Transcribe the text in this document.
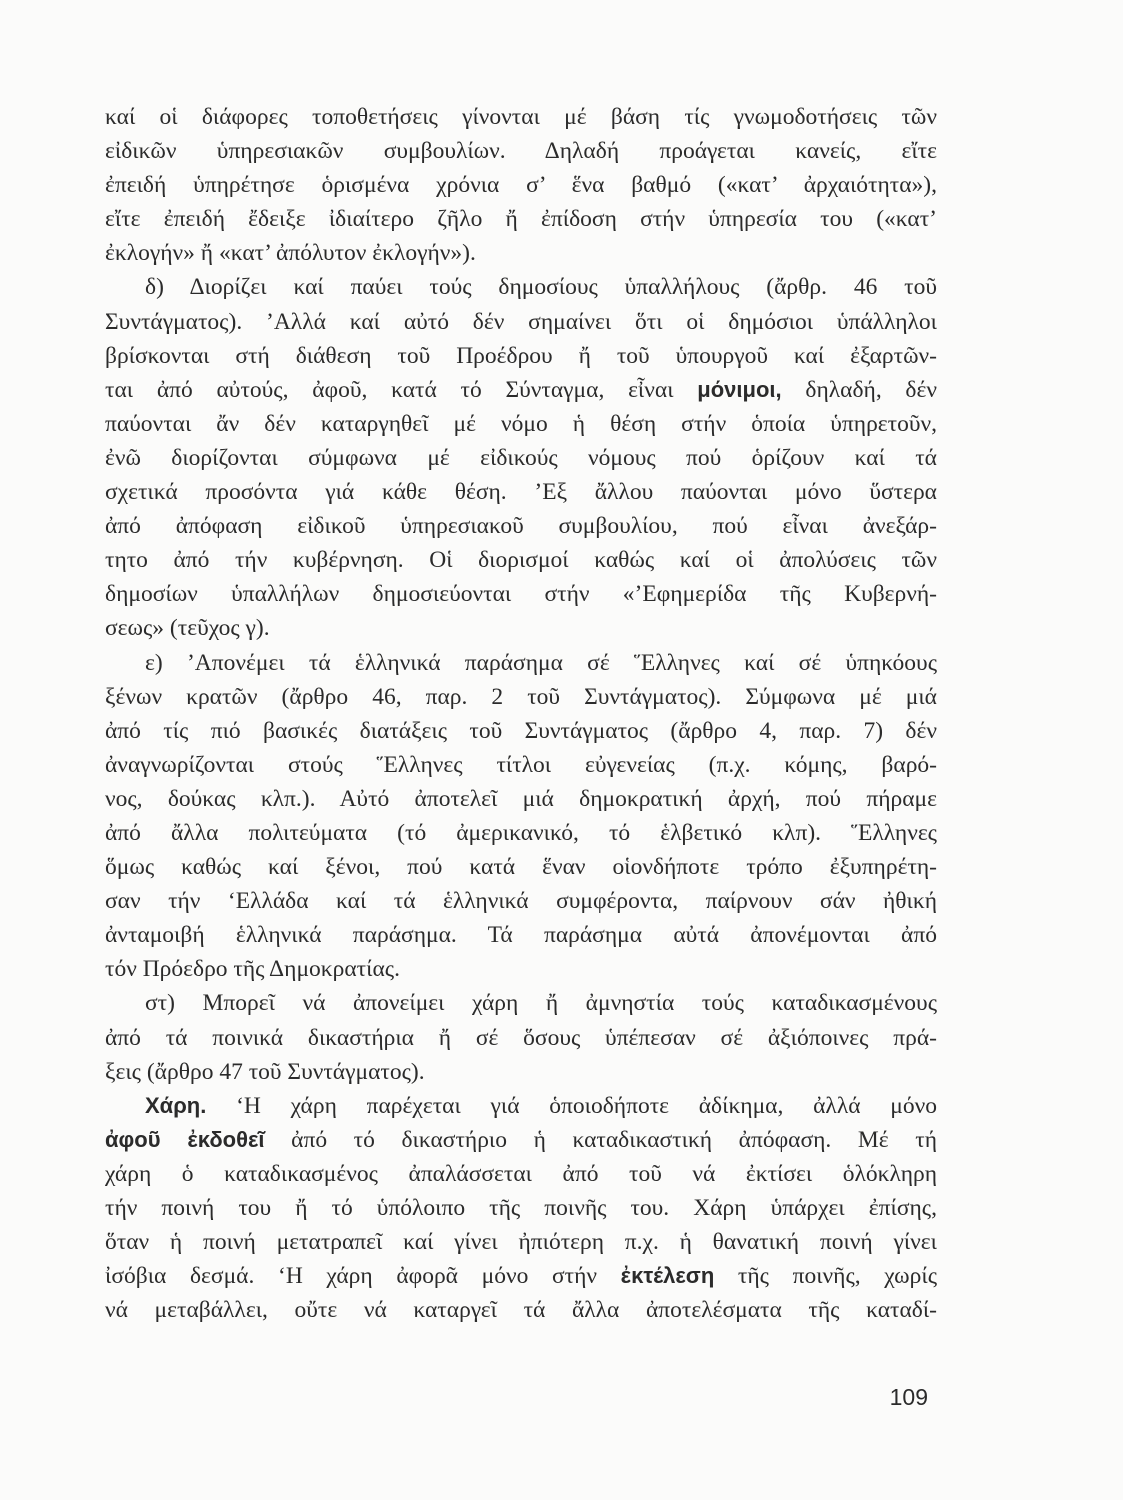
καί οἱ διάφορες τοποθετήσεις γίνονται μέ βάση τίς γνωμοδοτήσεις τῶν
εἰδικῶν ὑπηρεσιακῶν συμβουλίων. Δηλαδή προάγεται κανείς, εἴτε
ἐπειδή ὑπηρέτησε ὁρισμένα χρόνια σ’ ἕνα βαθμό («κατ’ ἀρχαιότητα»),
εἴτε ἐπειδή ἔδειξε ἰδιαίτερο ζῆλο ἤ ἐπίδοση στήν ὑπηρεσία του («κατ’
ἐκλογήν» ἤ «κατ’ ἀπόλυτον ἐκλογήν»).
δ) Διορίζει καί παύει τούς δημοσίους ὑπαλλήλους (ἄρθρ. 46 τοῦ
Συντάγματος). ’Αλλά καί αὐτό δέν σημαίνει ὅτι οἱ δημόσιοι ὑπάλληλοι
βρίσκονται στή διάθεση τοῦ Προέδρου ἤ τοῦ ὑπουργοῦ καί ἐξαρτῶν-
ται ἀπό αὐτούς, ἀφοῦ, κατά τό Σύνταγμα, εἶναι μόνιμοι, δηλαδή, δέν
παύονται ἄν δέν καταργηθεῖ μέ νόμο ἡ θέση στήν ὁποία ὑπηρετοῦν,
ἐνῶ διορίζονται σύμφωνα μέ εἰδικούς νόμους πού ὁρίζουν καί τά
σχετικά προσόντα γιά κάθε θέση. ’Εξ ἄλλου παύονται μόνο ὕστερα
ἀπό ἀπόφαση εἰδικοῦ ὑπηρεσιακοῦ συμβουλίου, πού εἶναι ἀνεξάρ-
τητο ἀπό τήν κυβέρνηση. Οἱ διορισμοί καθώς καί οἱ ἀπολύσεις τῶν
δημοσίων ὑπαλλήλων δημοσιεύονται στήν «’Εφημερίδα τῆς Κυβερνή-
σεως» (τεῦχος γ).
ε) ’Απονέμει τά ἑλληνικά παράσημα σέ Ἕλληνες καί σέ ὑπηκόους
ξένων κρατῶν (ἄρθρο 46, παρ. 2 τοῦ Συντάγματος). Σύμφωνα μέ μιά
ἀπό τίς πιό βασικές διατάξεις τοῦ Συντάγματος (ἄρθρο 4, παρ. 7) δέν
ἀναγνωρίζονται στούς Ἕλληνες τίτλοι εὐγενείας (π.χ. κόμης, βαρό-
νος, δούκας κλπ.). Αὐτό ἀποτελεῖ μιά δημοκρατική ἀρχή, πού πήραμε
ἀπό ἄλλα πολιτεύματα (τό ἀμερικανικό, τό ἑλβετικό κλπ). Ἕλληνες
ὅμως καθώς καί ξένοι, πού κατά ἕναν οἱονδήποτε τρόπο ἐξυπηρέτη-
σαν τήν ‘Ελλάδα καί τά ἑλληνικά συμφέροντα, παίρνουν σάν ἠθική
ἀνταμοιβή ἑλληνικά παράσημα. Τά παράσημα αὐτά ἀπονέμονται ἀπό
τόν Πρόεδρο τῆς Δημοκρατίας.
στ) Μπορεῖ νά ἀπονείμει χάρη ἤ ἀμνηστία τούς καταδικασμένους
ἀπό τά ποινικά δικαστήρια ἤ σέ ὅσους ὑπέπεσαν σέ ἀξιόποινες πρά-
ξεις (ἄρθρο 47 τοῦ Συντάγματος).
Χάρη. ‘Η χάρη παρέχεται γιά ὁποιοδήποτε ἀδίκημα, ἀλλά μόνο
ἀφοῦ ἐκδοθεῖ ἀπό τό δικαστήριο ἡ καταδικαστική ἀπόφαση. Μέ τή
χάρη ὁ καταδικασμένος ἀπαλάσσεται ἀπό τοῦ νά ἐκτίσει ὁλόκληρη
τήν ποινή του ἤ τό ὑπόλοιπο τῆς ποινῆς του. Χάρη ὑπάρχει ἐπίσης,
ὅταν ἡ ποινή μετατραπεῖ καί γίνει ἠπιότερη π.χ. ἡ θανατική ποινή γίνει
ἰσόβια δεσμά. ‘Η χάρη ἀφορᾶ μόνο στήν ἐκτέλεση τῆς ποινῆς, χωρίς
νά μεταβάλλει, οὔτε νά καταργεῖ τά ἄλλα ἀποτελέσματα τῆς καταδί-
109
